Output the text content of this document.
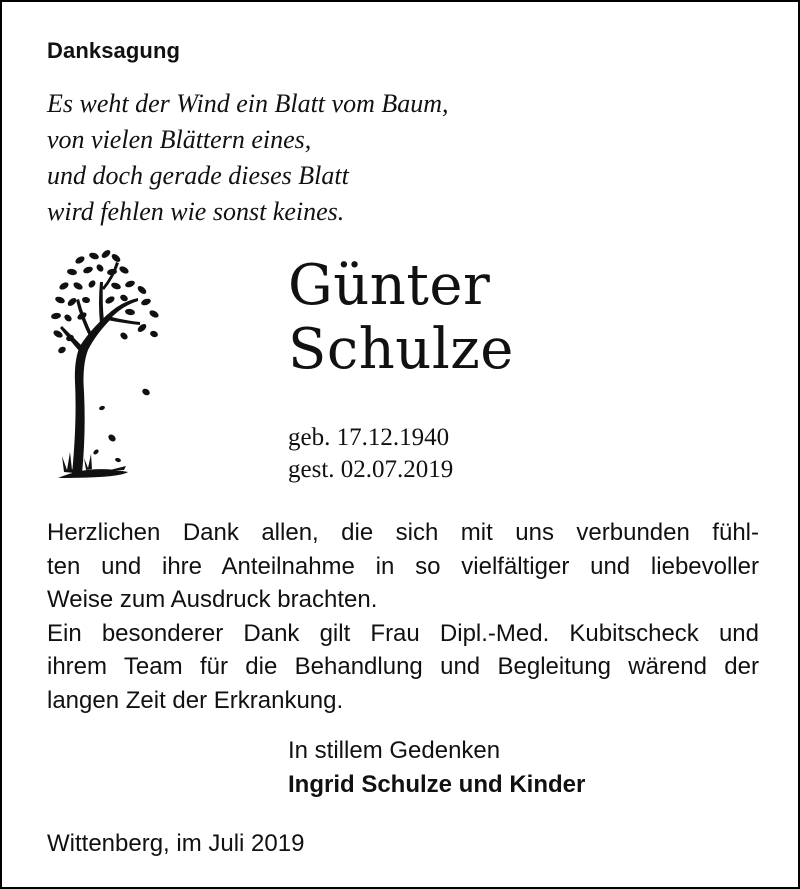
Danksagung
Es weht der Wind ein Blatt vom Baum,
von vielen Blättern eines,
und doch gerade dieses Blatt
wird fehlen wie sonst keines.
Günter
Schulze
geb. 17.12.1940
gest. 02.07.2019
Herzlichen Dank allen, die sich mit uns verbunden fühl-
ten und ihre Anteilnahme in so vielfältiger und liebevoller
Weise zum Ausdruck brachten.
Ein besonderer Dank gilt Frau Dipl.-Med. Kubitscheck und
ihrem Team für die Behandlung und Begleitung wärend der
langen Zeit der Erkrankung.
In stillem Gedenken
Ingrid Schulze und Kinder
Wittenberg, im Juli 2019
